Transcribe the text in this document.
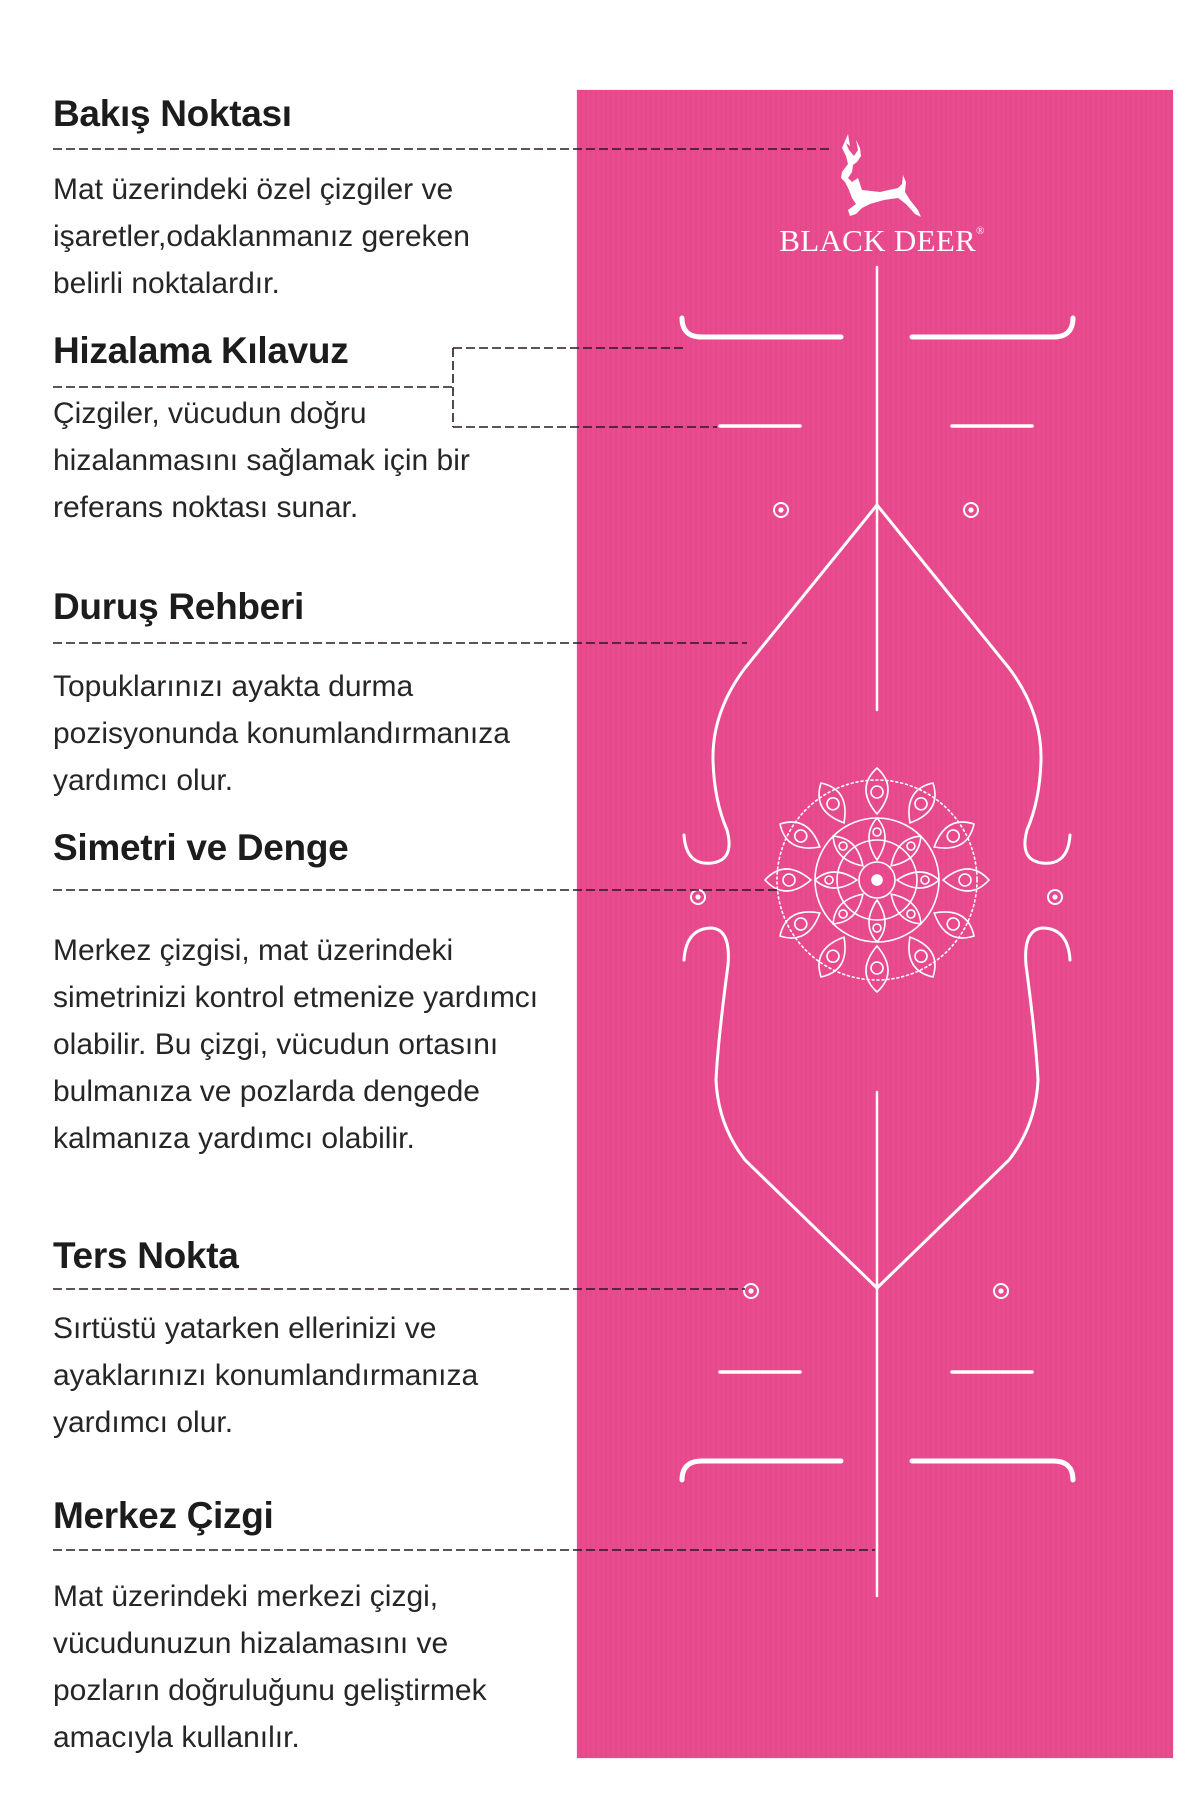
BLACK DEER®
Bakış Noktası
Mat üzerindeki özel çizgiler ve
işaretler,odaklanmanız gereken
belirli noktalardır.
Hizalama Kılavuz
Çizgiler, vücudun doğru
hizalanmasını sağlamak için bir
referans noktası sunar.
Duruş Rehberi
Topuklarınızı ayakta durma
pozisyonunda konumlandırmanıza
yardımcı olur.
Simetri ve Denge
Merkez çizgisi, mat üzerindeki
simetrinizi kontrol etmenize yardımcı
olabilir. Bu çizgi, vücudun ortasını
bulmanıza ve pozlarda dengede
kalmanıza yardımcı olabilir.
Ters Nokta
Sırtüstü yatarken ellerinizi ve
ayaklarınızı konumlandırmanıza
yardımcı olur.
Merkez Çizgi
Mat üzerindeki merkezi çizgi,
vücudunuzun hizalamasını ve
pozların doğruluğunu geliştirmek
amacıyla kullanılır.
